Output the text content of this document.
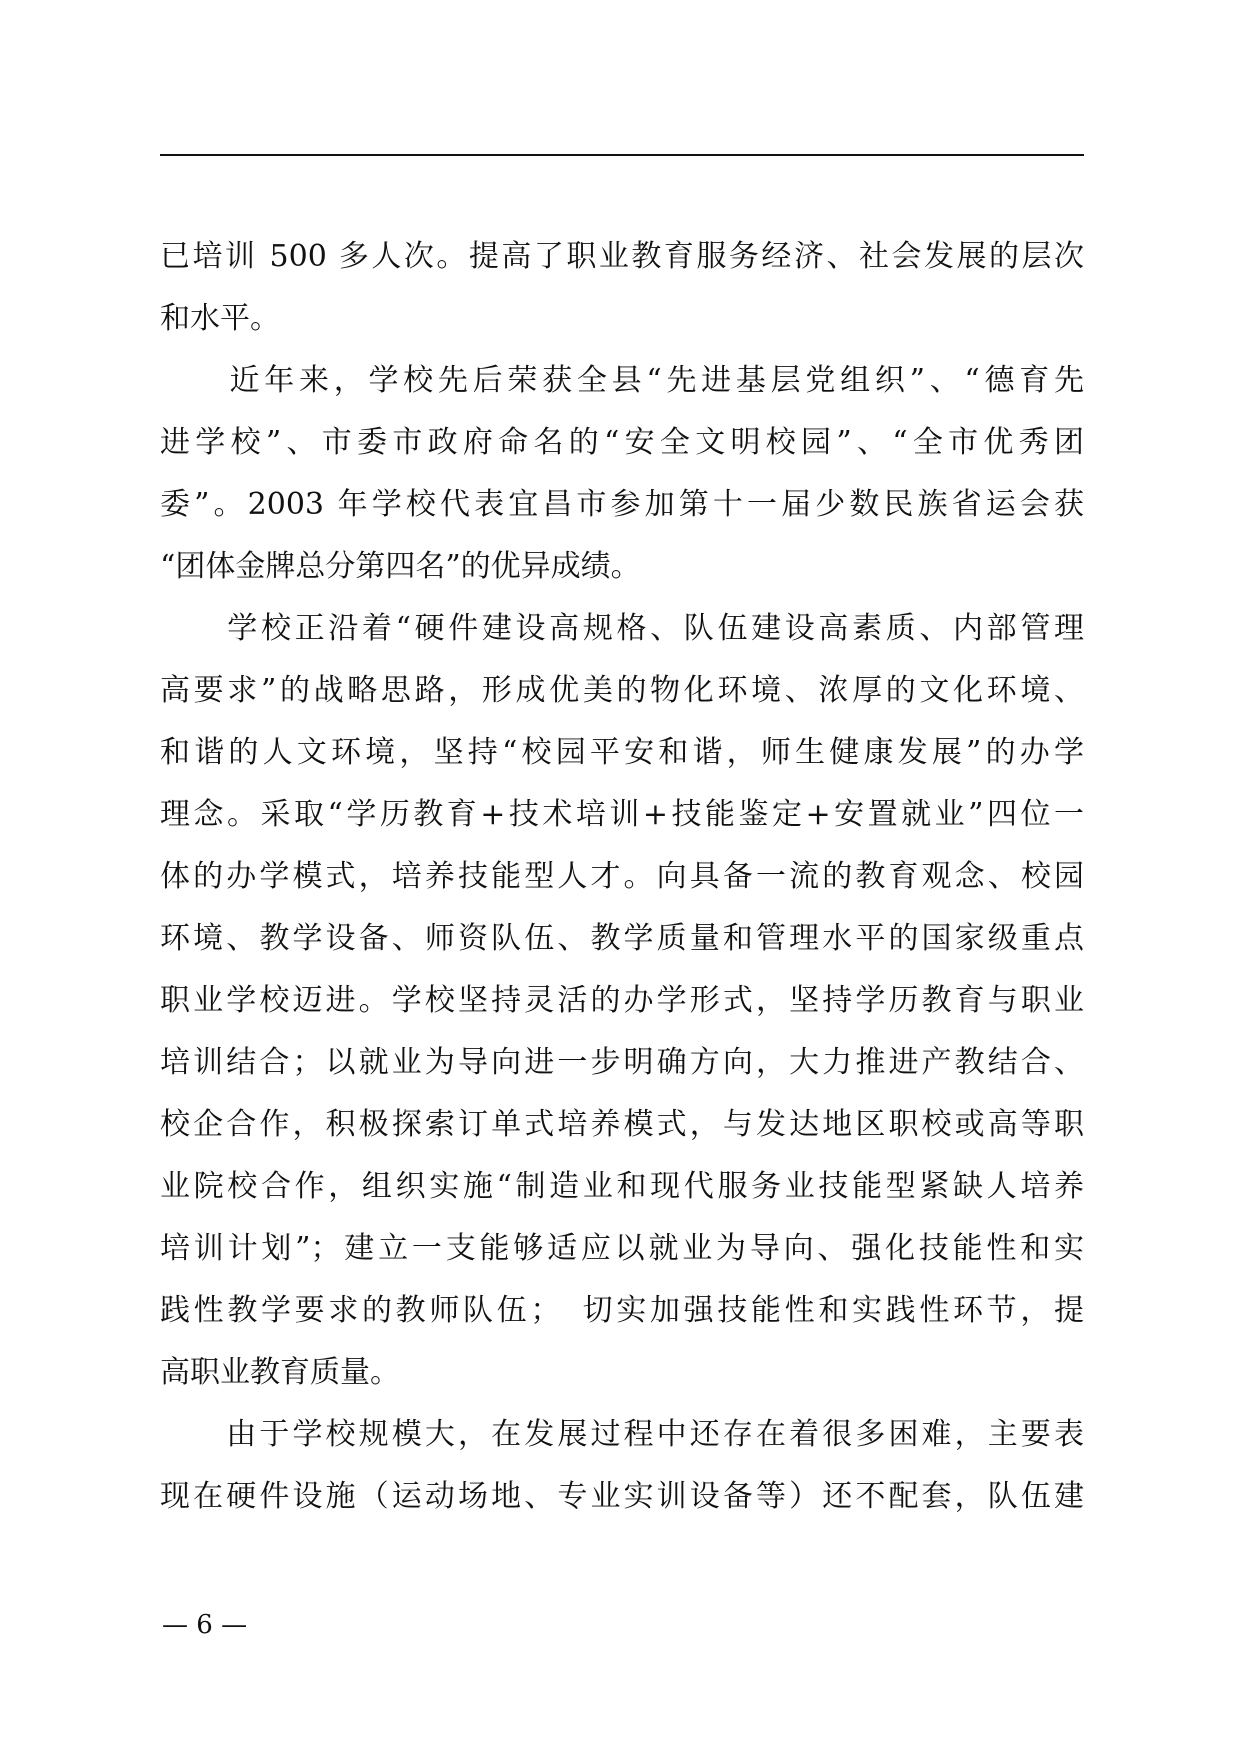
已培训 500 多人次。提高了职业教育服务经济、社会发展的层次
和水平。
　　近年来，学校先后荣获全县“先进基层党组织”、“德育先
进学校”、市委市政府命名的“安全文明校园”、“全市优秀团
委”。2003 年学校代表宜昌市参加第十一届少数民族省运会获
“团体金牌总分第四名”的优异成绩。
　　学校正沿着“硬件建设高规格、队伍建设高素质、内部管理
高要求”的战略思路，形成优美的物化环境、浓厚的文化环境、
和谐的人文环境，坚持“校园平安和谐，师生健康发展”的办学
理念。采取“学历教育+技术培训+技能鉴定+安置就业”四位一
体的办学模式，培养技能型人才。向具备一流的教育观念、校园
环境、教学设备、师资队伍、教学质量和管理水平的国家级重点
职业学校迈进。学校坚持灵活的办学形式，坚持学历教育与职业
培训结合；以就业为导向进一步明确方向，大力推进产教结合、
校企合作，积极探索订单式培养模式，与发达地区职校或高等职
业院校合作，组织实施“制造业和现代服务业技能型紧缺人培养
培训计划”；建立一支能够适应以就业为导向、强化技能性和实
践性教学要求的教师队伍；　切实加强技能性和实践性环节，提
高职业教育质量。
　　由于学校规模大，在发展过程中还存在着很多困难，主要表
现在硬件设施（运动场地、专业实训设备等）还不配套，队伍建
— 6 —
